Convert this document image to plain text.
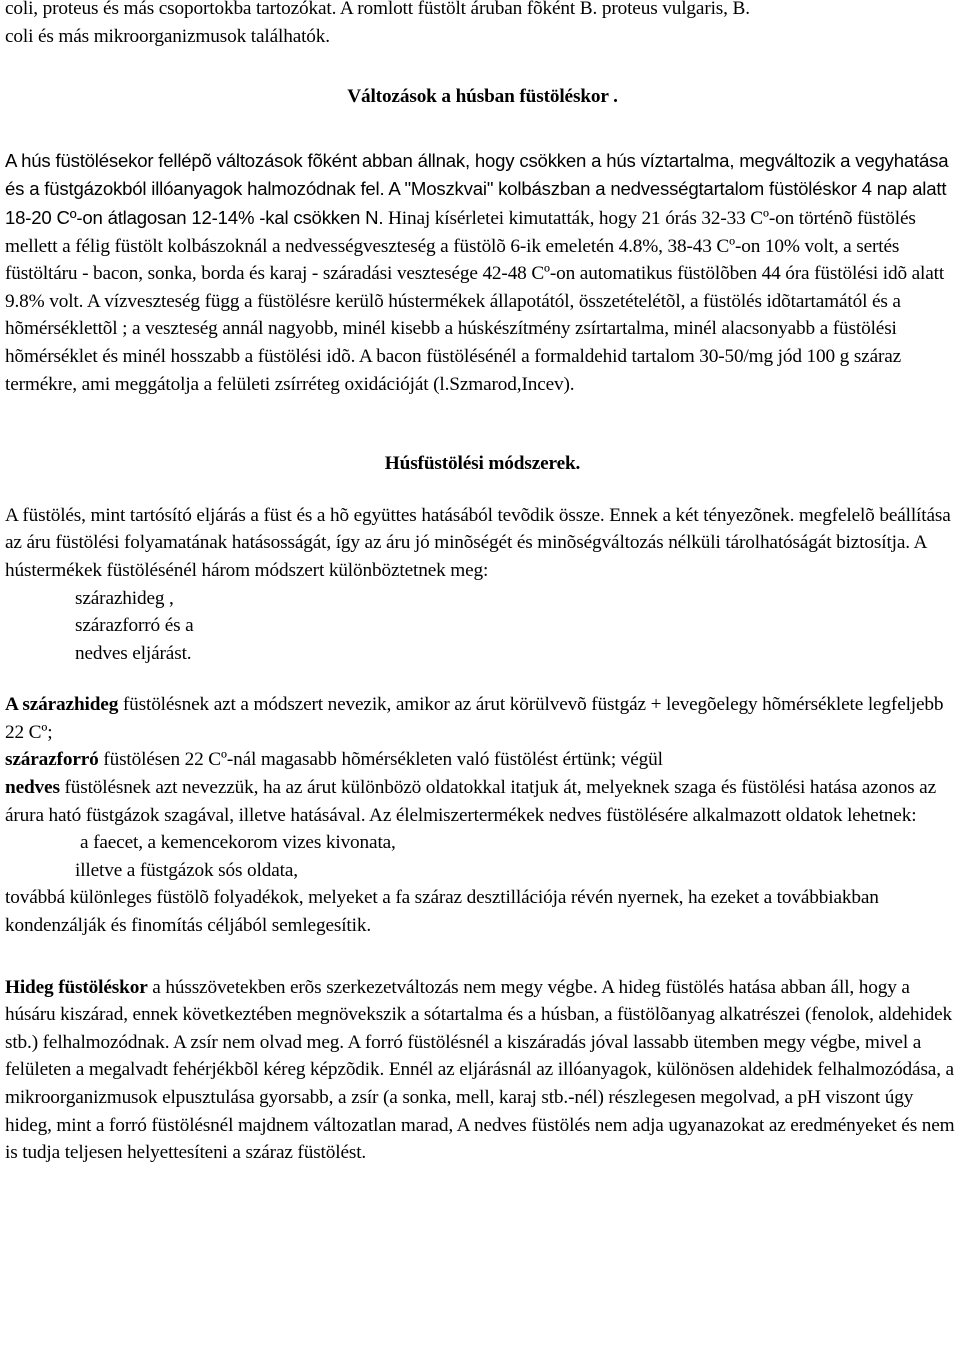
coli, proteus és más csoportokba tartozókat. A romlott füstölt áruban fõként B. proteus vulgaris, B.

coli és más mikroorganizmusok találhatók.

Változások a húsban füstöléskor .

A hús füstölésekor fellépõ változások fõként abban állnak, hogy csökken a hús víztartalma, megváltozik a vegyhatása és a füstgázokból illóanyagok halmozódnak fel. A "Moszkvai" kolbászban a nedvességtartalom füstöléskor 4 nap alatt 18-20 Cº-on átlagosan 12-14% -kal csökken N. Hinaj kísérletei kimutatták, hogy 21 órás 32-33 Cº-on történõ füstölés mellett a félig füstölt kolbászoknál a nedvességveszteség a füstölõ 6-ik emeletén 4.8%, 38-43 Cº-on 10% volt, a sertés füstöltáru - bacon, sonka, borda és karaj - száradási vesztesége 42-48 Cº-on automatikus füstölõben 44 óra füstölési idõ alatt 9.8% volt. A vízveszteség függ a füstölésre kerülõ hústermékek állapotától, összetételétõl, a füstölés idõtartamától és a hõmérséklettõl ; a veszteség annál nagyobb, minél kisebb a húskészítmény zsírtartalma, minél alacsonyabb a füstölési hõmérséklet és minél hosszabb a füstölési idõ. A bacon füstölésénél a formaldehid tartalom 30-50/mg jód 100 g száraz termékre, ami meggátolja a felületi zsírréteg oxidációját (l.Szmarod,Incev).

Húsfüstölési módszerek.

A füstölés, mint tartósító eljárás a füst és a hõ együttes hatásából tevõdik össze. Ennek a két tényezõnek. megfelelõ beállítása az áru füstölési folyamatának hatásosságát, így az áru jó minõségét és minõségváltozás nélküli tárolhatóságát biztosítja. A hústermékek füstölésénél három módszert különböztetnek meg:

szárazhideg ,

szárazforró és a

nedves eljárást.

A szárazhideg füstölésnek azt a módszert nevezik, amikor az árut körülvevõ füstgáz + levegõelegy hõmérséklete legfeljebb 22 Cº;

szárazforró füstölésen 22 Cº-nál magasabb hõmérsékleten való füstölést értünk; végül

nedves füstölésnek azt nevezzük, ha az árut különbözö oldatokkal itatjuk át, melyeknek szaga és füstölési hatása azonos az árura ható füstgázok szagával, illetve hatásával. Az élelmiszertermékek nedves füstölésére alkalmazott oldatok lehetnek:

a faecet, a kemencekorom vizes kivonata,

illetve a füstgázok sós oldata,

továbbá különleges füstölõ folyadékok, melyeket a fa száraz desztillációja révén nyernek, ha ezeket a továbbiakban kondenzálják és finomítás céljából semlegesítik.

Hideg füstöléskor a hússzövetekben erõs szerkezetváltozás nem megy végbe. A hideg füstölés hatása abban áll, hogy a húsáru kiszárad, ennek következtében megnövekszik a sótartalma és a húsban, a füstölõanyag alkatrészei (fenolok, aldehidek stb.) felhalmozódnak. A zsír nem olvad meg. A forró füstölésnél a kiszáradás jóval lassabb ütemben megy végbe, mivel a felületen a megalvadt fehérjékbõl kéreg képzõdik. Ennél az eljárásnál az illóanyagok, különösen aldehidek felhalmozódása, a mikroorganizmusok elpusztulása gyorsabb, a zsír (a sonka, mell, karaj stb.-nél) részlegesen megolvad, a pH viszont úgy hideg, mint a forró füstölésnél majdnem változatlan marad, A nedves füstölés nem adja ugyanazokat az eredményeket és nem is tudja teljesen helyettesíteni a száraz füstölést.
